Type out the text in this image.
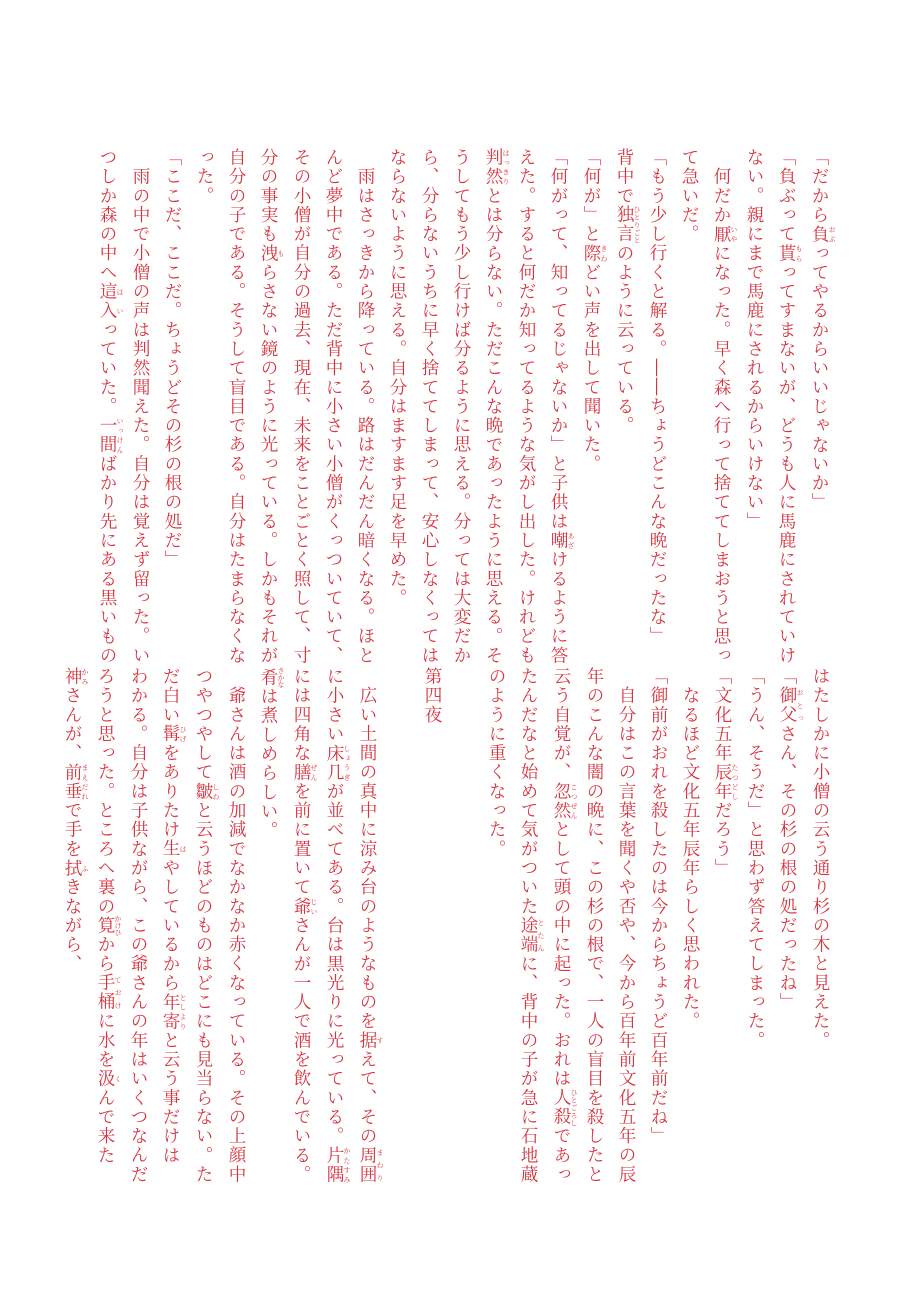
「だから負 おぶってやるからいいじゃないか」
「負ぶって貰 もらってすまないが、どうも人に馬鹿にされていけ
ない。親にまで馬鹿にされるからいけない」
　何だか厭 いやになった。早く森へ行って捨ててしまおうと思っ
て急いだ。
「もう少し行くと解る。――ちょうどこんな晩だったな」
背中で独言 ひとりごとのように云っている。
「何が」と際 きわどい声を出して聞いた。
「何がって、知ってるじゃないか」と子供は嘲 あざけるように答
えた。すると何だか知ってるような気がし出した。けれども
判然 はっきりとは分らない。ただこんな晩であったように思える。そ
うしてもう少し行けば分るように思える。分っては大変だか
ら、分らないうちに早く捨ててしまって、安心しなくっては
ならないように思える。自分はますます足を早めた。
　雨はさっきから降っている。路はだんだん暗くなる。ほと
んど夢中である。ただ背中に小さい小僧がくっついていて、
その小僧が自分の過去、現在、未来をことごとく照して、寸
分の事実も洩 もらさない鏡のように光っている。しかもそれが
自分の子である。そうして盲目である。自分はたまらなくな
った。
「ここだ、ここだ。ちょうどその杉の根の処だ」
　雨の中で小僧の声は判然聞えた。自分は覚えず留った。い
つしか森の中へ這入 はいっていた。一間 いっけんばかり先にある黒いもの
はたしかに小僧の云う通り杉の木と見えた。
「御父 おとっさん、その杉の根の処だったね」
「うん、そうだ」と思わず答えてしまった。
「文化五年辰年 たつどしだろう」
　なるほど文化五年辰年らしく思われた。
「御前がおれを殺したのは今からちょうど百年前だね」
　自分はこの言葉を聞くや否や、今から百年前文化五年の辰
年のこんな闇の晩に、この杉の根で、一人の盲目を殺したと
云う自覚が、忽然 こつぜんとして頭の中に起った。おれは人殺 ひとごろしであっ
たんだなと始めて気がついた途端 とたんに、背中の子が急に石地蔵
のように重くなった。

第四夜

　広い土間の真中に涼み台のようなものを据 すえて、その周囲 まわり
に小さい床几 しょうぎが並べてある。台は黒光りに光っている。片隅 かたすみ
には四角な膳 ぜんを前に置いて爺 じいさんが一人で酒を飲んでいる。
肴 さかなは煮しめらしい。
　爺さんは酒の加減でなかなか赤くなっている。その上顔中
つやつやして皺 しわと云うほどのものはどこにも見当らない。た
だ白い髯 ひげをありたけ生 はやしているから年寄 としよりと云う事だけは
わかる。自分は子供ながら、この爺さんの年はいくつなんだ
ろうと思った。ところへ裏の筧 かけひから手桶 ておけに水を汲 くんで来た
神 かみさんが、前垂 まえだれで手を拭 ふきながら、
